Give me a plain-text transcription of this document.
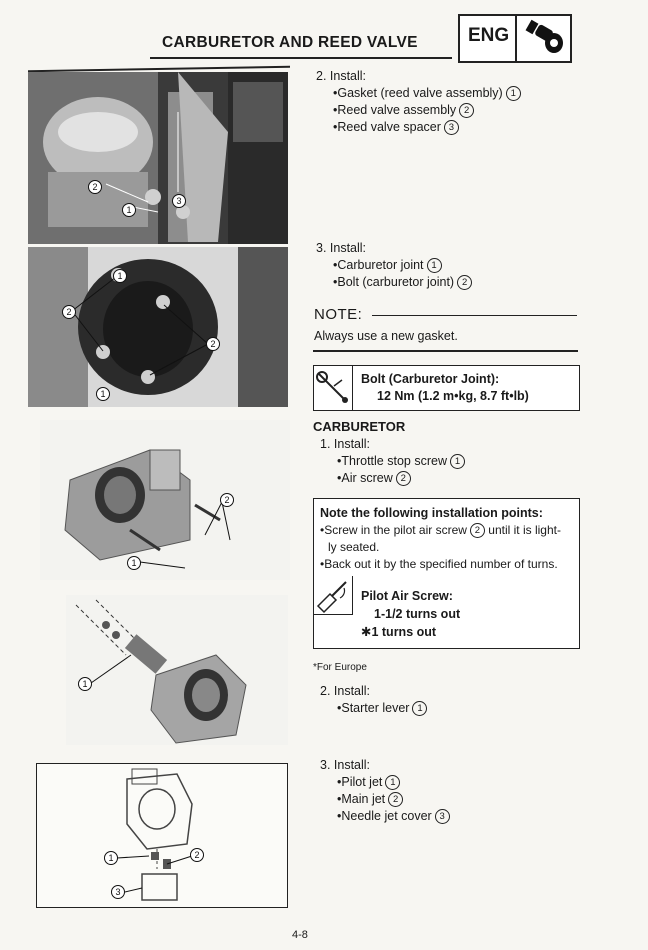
CARBURETOR AND REED VALVE	ENG
2
1
3
1
2
2
1
2
1
1
1	2
3
2. Install:
•Gasket (reed valve assembly) 1
•Reed valve assembly 2
•Reed valve spacer 3
3. Install:
•Carburetor joint 1
•Bolt (carburetor joint) 2
NOTE:
Always use a new gasket.
Bolt (Carburetor Joint):
12 Nm (1.2 m•kg, 8.7 ft•lb)
CARBURETOR
1. Install:
•Throttle stop screw 1
•Air screw 2
Note the following installation points:
•Screw in the pilot air screw 2 until it is light-
ly seated.
•Back out it by the specified number of turns.
Pilot Air Screw:
1-1/2 turns out
✱1 turns out
*For Europe
2. Install:
•Starter lever 1
3. Install:
•Pilot jet 1
•Main jet 2
•Needle jet cover 3
4-8
